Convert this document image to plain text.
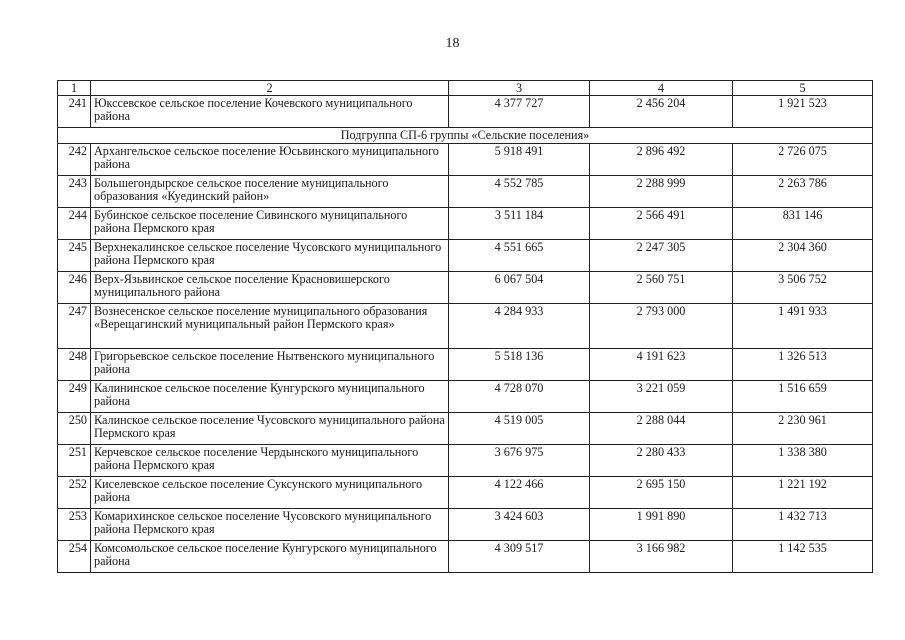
18
1	2	3	4	5
241	Юксcевское сельское поселение Кочевского муниципального района	4 377 727	2 456 204	1 921 523
Подгруппа СП-6 группы «Сельские поселения»				
242	Архангельское сельское поселение Юсьвинского муниципального района	5 918 491	2 896 492	2 726 075
243	Большегондырское сельское поселение муниципального образования «Куединский район»	4 552 785	2 288 999	2 263 786
244	Бубинское сельское поселение Сивинского муниципального района Пермского края	3 511 184	2 566 491	831 146
245	Верхнекалинское сельское поселение Чусовского муниципального района Пермского края	4 551 665	2 247 305	2 304 360
246	Верх-Язьвинское сельское поселение Красновишерского муниципального района	6 067 504	2 560 751	3 506 752
247	Вознесенское сельское поселение муниципального образования «Верещагинский муниципальный район Пермского края»	4 284 933	2 793 000	1 491 933
248	Григорьевское сельское поселение Нытвенского муниципального района	5 518 136	4 191 623	1 326 513
249	Калининское сельское поселение Кунгурского муниципального района	4 728 070	3 221 059	1 516 659
250	Калинское сельское поселение Чусовского муниципального района Пермского края	4 519 005	2 288 044	2 230 961
251	Керчевское сельское поселение Чердынского муниципального района Пермского края	3 676 975	2 280 433	1 338 380
252	Киселевское сельское поселение Суксунского муниципального района	4 122 466	2 695 150	1 221 192
253	Комарихинское сельское поселение Чусовского муниципального района Пермского края	3 424 603	1 991 890	1 432 713
254	Комсомольское сельское поселение Кунгурского муниципального района	4 309 517	3 166 982	1 142 535
